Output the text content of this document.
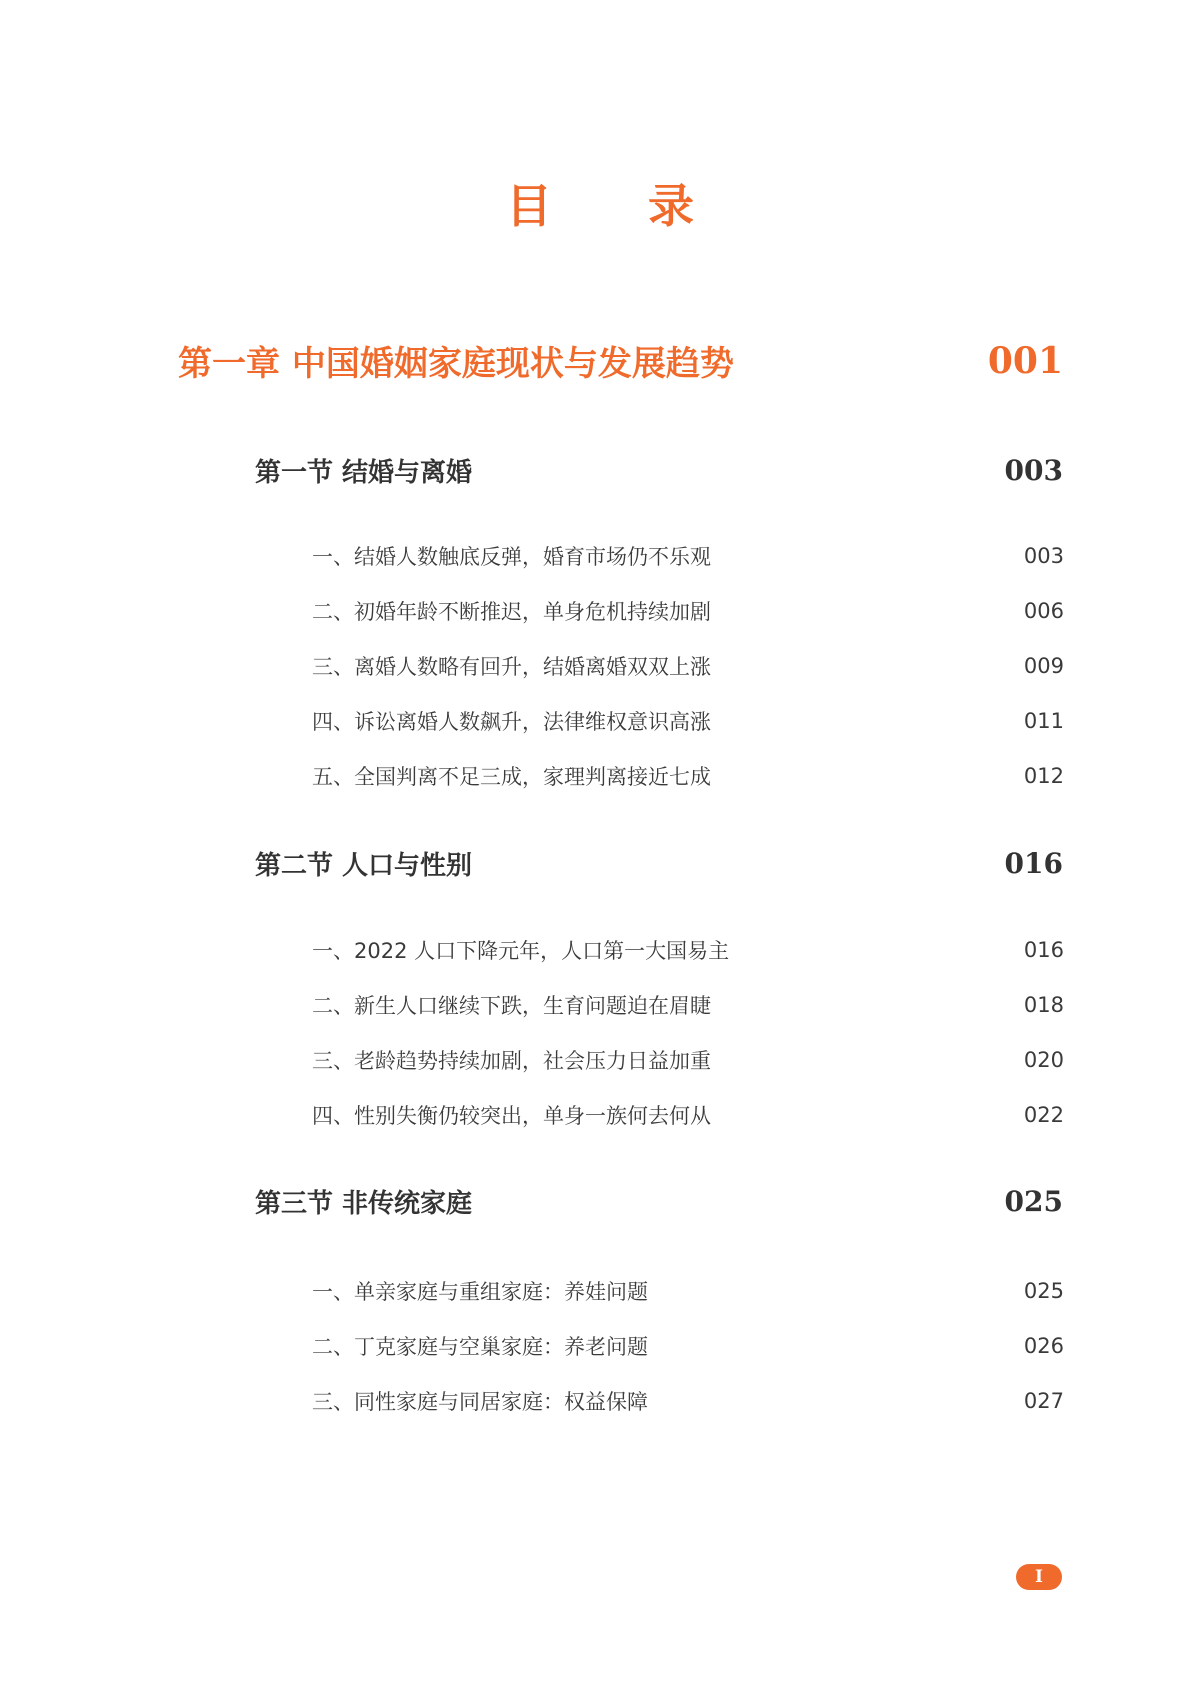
目 录
第一章 中国婚姻家庭现状与发展趋势	001
第一节 结婚与离婚	003
一、结婚人数触底反弹，婚育市场仍不乐观	003
二、初婚年龄不断推迟，单身危机持续加剧	006
三、离婚人数略有回升，结婚离婚双双上涨	009
四、诉讼离婚人数飙升，法律维权意识高涨	011
五、全国判离不足三成，家理判离接近七成	012
第二节 人口与性别	016
一、2022 人口下降元年，人口第一大国易主	016
二、新生人口继续下跌，生育问题迫在眉睫	018
三、老龄趋势持续加剧，社会压力日益加重	020
四、性别失衡仍较突出，单身一族何去何从	022
第三节 非传统家庭	025
一、单亲家庭与重组家庭：养娃问题	025
二、丁克家庭与空巢家庭：养老问题	026
三、同性家庭与同居家庭：权益保障	027
I
